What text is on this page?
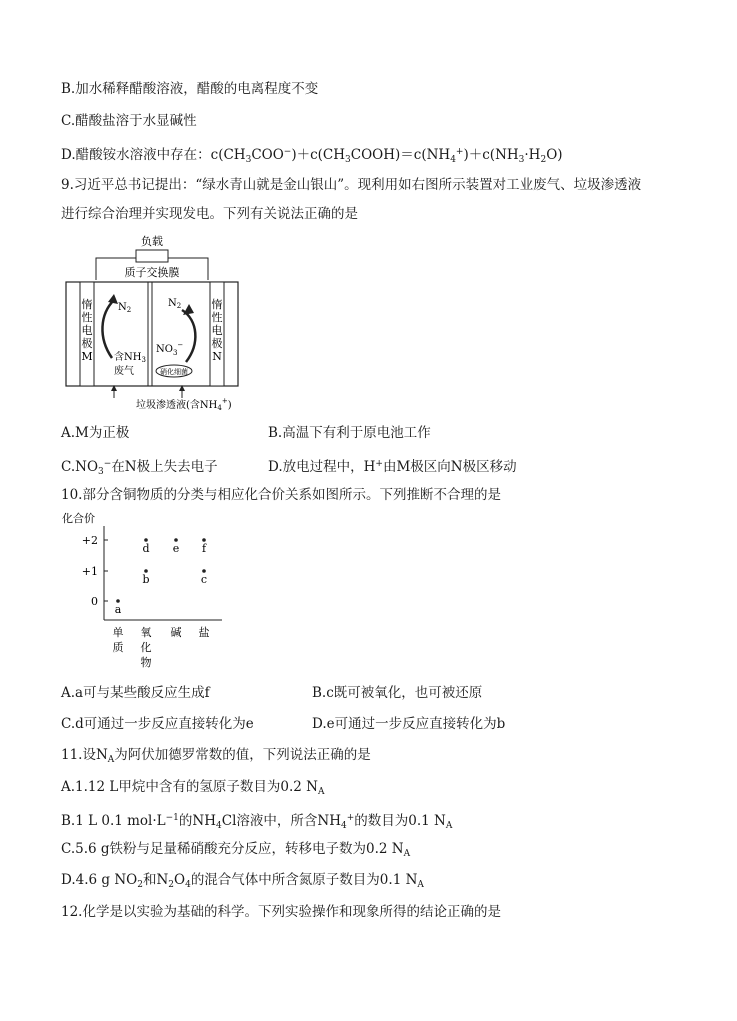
B.加水稀释醋酸溶液，醋酸的电离程度不变
C.醋酸盐溶于水显碱性
D.醋酸铵水溶液中存在：$c(CH_3COO^-)+c(CH_3COOH)=c(NH_4^+)+c(NH_3\cdot H_2O)$
9.习近平总书记提出：“绿水青山就是金山银山”。现利用如右图所示装置对工业废气、垃圾渗透液
进行综合治理并实现发电。下列有关说法正确的是
负载
质子交换膜
惰
性
电
极
M
惰
性
电
极
N
$N_2$
含$NH_3$
废气
$N_2$
$NO_3^-$
硝化细菌
垃圾渗透液(含$NH_4^+$)
A.M为正极	B.高温下有利于原电池工作
$C.NO_3^-$在N极上失去电子	D.放电过程中，H+由M极区向N极区移动
10.部分含铜物质的分类与相应化合价关系如图所示。下列推断不合理的是
化合价
+2
+1
0
单
质
氧
化
物
碱 盐
a
b	c
d e f
A.a可与某些酸反应生成f	B.c既可被氧化，也可被还原
C.d可通过一步反应直接转化为e	D.e可通过一步反应直接转化为b
11.设$N_A$为阿伏加德罗常数的值，下列说法正确的是
A.1.12 L甲烷中含有的氢原子数目为0.2 $N_A$
B.1 L 0.1 $mol\cdot L^{-1}$的$NH_4Cl$溶液中，所含$NH_4^+$的数目为0.1 $N_A$
C.5.6 g铁粉与足量稀硝酸充分反应，转移电子数为0.2 $N_A$
D.4.6 g $NO_2$和$N_2O_4$的混合气体中所含氮原子数目为0.1 $N_A$
12.化学是以实验为基础的科学。下列实验操作和现象所得的结论正确的是
